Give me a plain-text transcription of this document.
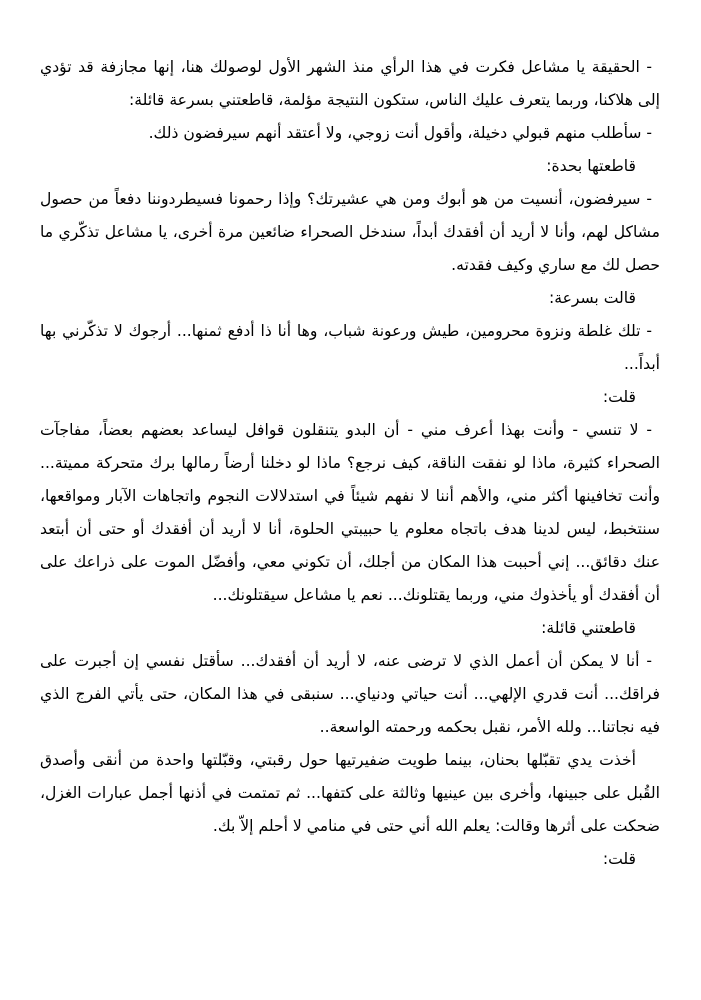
- الحقيقة يا مشاعل فكرت في هذا الرأي منذ الشهر الأول لوصولك هنا، إنها مجازفة قد تؤدي إلى هلاكنا، وربما يتعرف عليك الناس، ستكون النتيجة مؤلمة، قاطعتني بسرعة قائلة:

- سأطلب منهم قبولي دخيلة، وأقول أنت زوجي، ولا أعتقد أنهم سيرفضون ذلك.

قاطعتها بحدة:

- سيرفضون، أنسيت من هو أبوك ومن هي عشيرتك؟ وإذا رحمونا فسيطردوننا دفعاً من حصول مشاكل لهم، وأنا لا أريد أن أفقدك أبداً، سندخل الصحراء ضائعين مرة أخرى، يا مشاعل تذكّري ما حصل لك مع ساري وكيف فقدته.

قالت بسرعة:

- تلك غلطة ونزوة محرومين، طيش ورعونة شباب، وها أنا ذا أدفع ثمنها... أرجوك لا تذكّرني بها أبداً...

قلت:

- لا تنسي - وأنت بهذا أعرف مني - أن البدو يتنقلون قوافل ليساعد بعضهم بعضاً، مفاجآت الصحراء كثيرة، ماذا لو نفقت الناقة، كيف نرجع؟ ماذا لو دخلنا أرضاً رمالها برك متحركة مميتة... وأنت تخافينها أكثر مني، والأهم أننا لا نفهم شيئاً في استدلالات النجوم واتجاهات الآبار ومواقعها، سنتخبط، ليس لدينا هدف باتجاه معلوم يا حبيبتي الحلوة، أنا لا أريد أن أفقدك أو حتى أن أبتعد عنك دقائق... إني أحببت هذا المكان من أجلك، أن تكوني معي، وأفضّل الموت على ذراعك على أن أفقدك أو يأخذوك مني، وربما يقتلونك... نعم يا مشاعل سيقتلونك...

قاطعتني قائلة:

- أنا لا يمكن أن أعمل الذي لا ترضى عنه، لا أريد أن أفقدك... سأقتل نفسي إن أجبرت على فراقك... أنت قدري الإلهي... أنت حياتي ودنياي... سنبقى في هذا المكان، حتى يأتي الفرج الذي فيه نجاتنا... ولله الأمر، نقبل بحكمه ورحمته الواسعة..

أخذت يدي تقبّلها بحنان، بينما طويت ضفيرتيها حول رقبتي، وقبّلتها واحدة من أنقى وأصدق القُبل على جبينها، وأخرى بين عينيها وثالثة على كتفها... ثم تمتمت في أذنها أجمل عبارات الغزل، ضحكت على أثرها وقالت: يعلم الله أني حتى في منامي لا أحلم إلاّ بك.

قلت:
